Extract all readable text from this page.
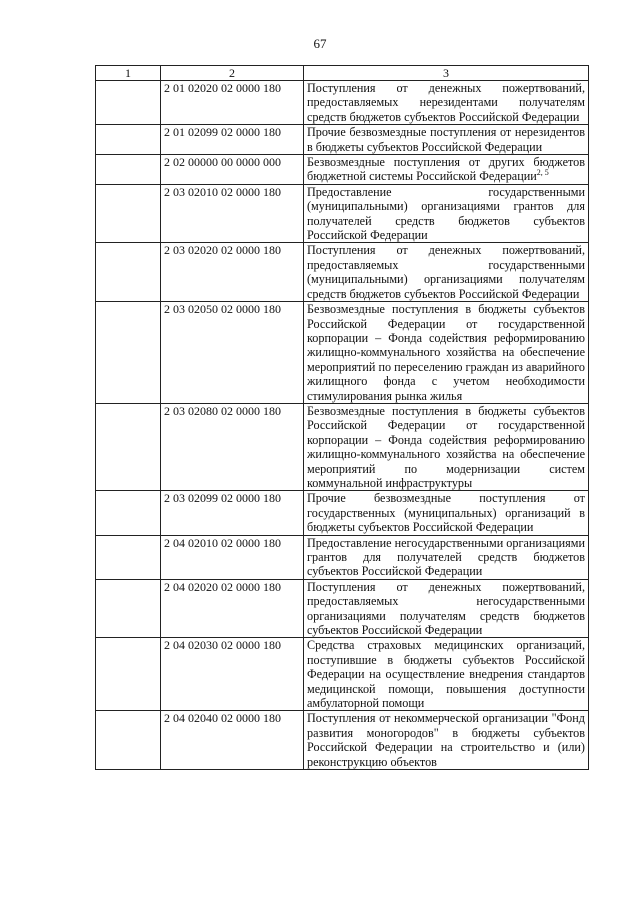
67
1	2	3
	2 01 02020 02 0000 180	Поступления от денежных пожертвований, предоставляемых нерезидентами получателям средств бюджетов субъектов Российской Федерации
	2 01 02099 02 0000 180	Прочие безвозмездные поступления от нерезидентов в бюджеты субъектов Российской Федерации
	2 02 00000 00 0000 000	Безвозмездные поступления от других бюджетов бюджетной системы Российской Федерации$^{2, 5}$
	2 03 02010 02 0000 180	Предоставление государственными (муниципальными) организациями грантов для получателей средств бюджетов субъектов Российской Федерации
	2 03 02020 02 0000 180	Поступления от денежных пожертвований, предоставляемых государственными (муниципальными) организациями получателям средств бюджетов субъектов Российской Федерации
	2 03 02050 02 0000 180	Безвозмездные поступления в бюджеты субъектов Российской Федерации от государственной корпорации – Фонда содействия реформированию жилищно-коммунального хозяйства на обеспечение мероприятий по переселению граждан из аварийного жилищного фонда с учетом необходимости стимулирования рынка жилья
	2 03 02080 02 0000 180	Безвозмездные поступления в бюджеты субъектов Российской Федерации от государственной корпорации – Фонда содействия реформированию жилищно-коммунального хозяйства на обеспечение мероприятий по модернизации систем коммунальной инфраструктуры
	2 03 02099 02 0000 180	Прочие безвозмездные поступления от государственных (муниципальных) организаций в бюджеты субъектов Российской Федерации
	2 04 02010 02 0000 180	Предоставление негосударственными организациями грантов для получателей средств бюджетов субъектов Российской Федерации
	2 04 02020 02 0000 180	Поступления от денежных пожертвований, предоставляемых негосударственными организациями получателям средств бюджетов субъектов Российской Федерации
	2 04 02030 02 0000 180	Средства страховых медицинских организаций, поступившие в бюджеты субъектов Российской Федерации на осуществление внедрения стандартов медицинской помощи, повышения доступности амбулаторной помощи
	2 04 02040 02 0000 180	Поступления от некоммерческой организации "Фонд развития моногородов" в бюджеты субъектов Российской Федерации на строительство и (или) реконструкцию объектов
